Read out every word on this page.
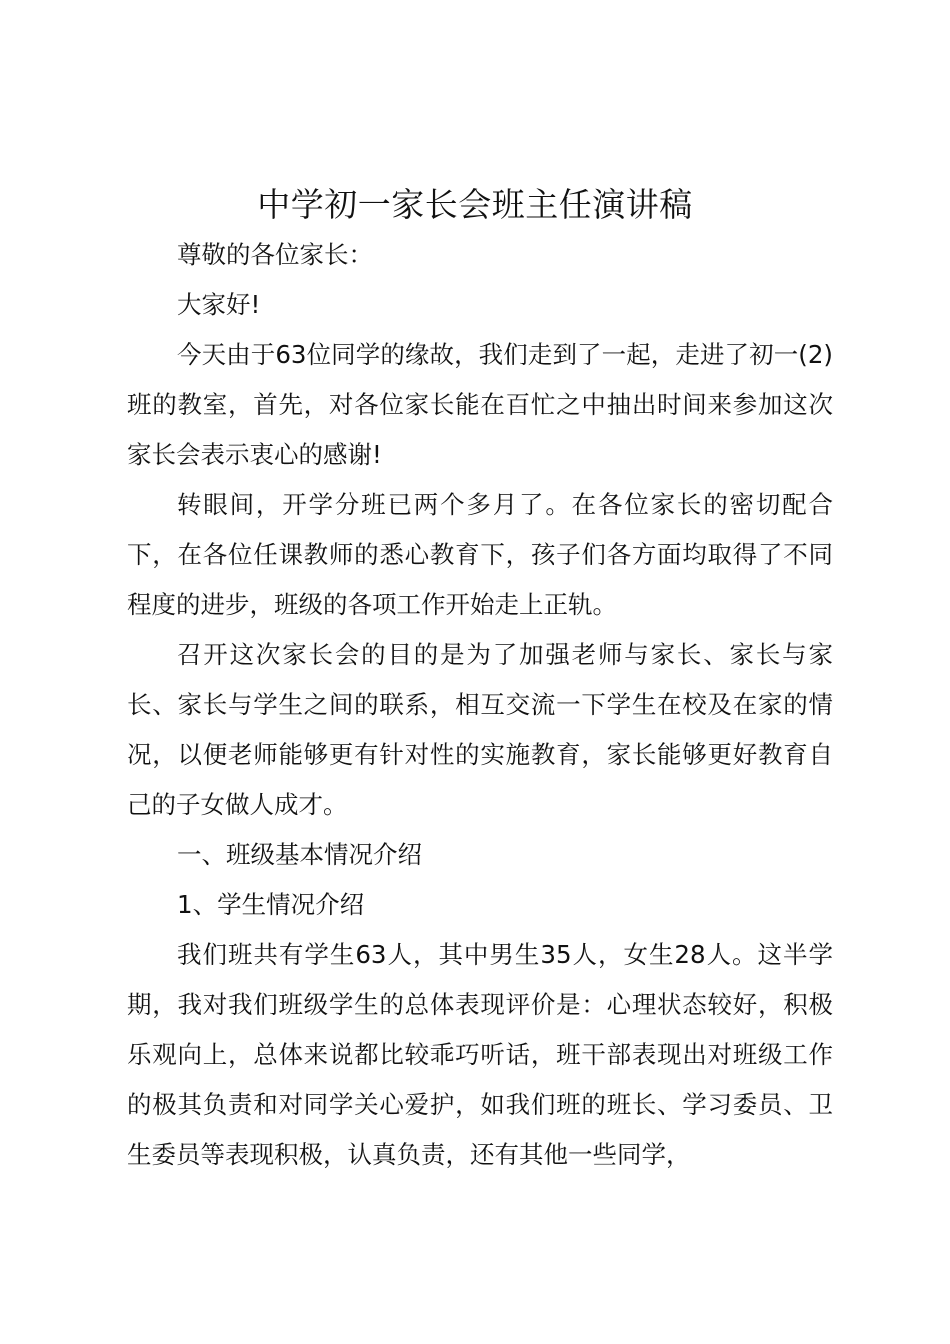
中学初一家长会班主任演讲稿

尊敬的各位家长：

大家好!

今天由于63位同学的缘故，我们走到了一起，走进了初一(2)班的教室，首先，对各位家长能在百忙之中抽出时间来参加这次家长会表示衷心的感谢!

转眼间，开学分班已两个多月了。在各位家长的密切配合下，在各位任课教师的悉心教育下，孩子们各方面均取得了不同程度的进步，班级的各项工作开始走上正轨。

召开这次家长会的目的是为了加强老师与家长、家长与家长、家长与学生之间的联系，相互交流一下学生在校及在家的情况，以便老师能够更有针对性的实施教育，家长能够更好教育自己的子女做人成才。

一、班级基本情况介绍

1、学生情况介绍

我们班共有学生63人，其中男生35人，女生28人。这半学期，我对我们班级学生的总体表现评价是：心理状态较好，积极乐观向上，总体来说都比较乖巧听话，班干部表现出对班级工作的极其负责和对同学关心爱护，如我们班的班长、学习委员、卫生委员等表现积极，认真负责，还有其他一些同学，
